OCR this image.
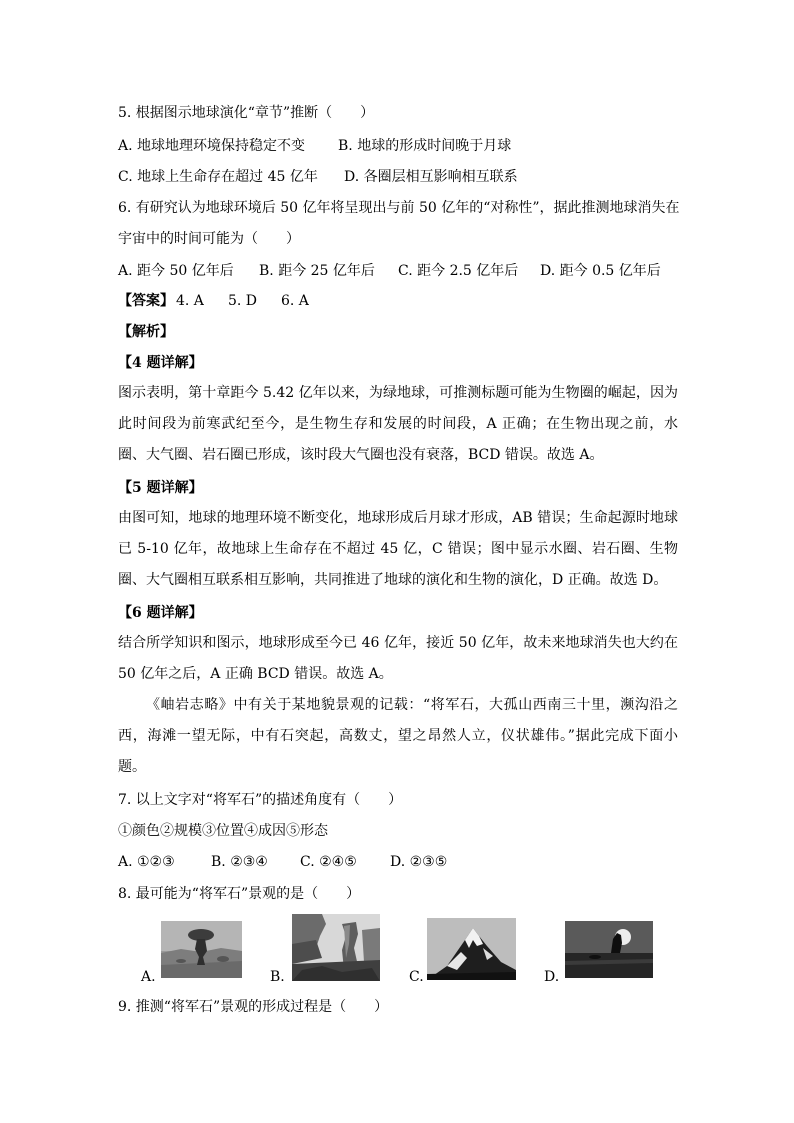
5. 根据图示地球演化“章节”推断（　　）
A. 地球地理环境保持稳定不变 B. 地球的形成时间晚于月球
C. 地球上生命存在超过 45 亿年 D. 各圈层相互影响相互联系
6. 有研究认为地球环境后 50 亿年将呈现出与前 50 亿年的“对称性”，据此推测地球消失在
宇宙中的时间可能为（　　）
A. 距今 50 亿年后 B. 距今 25 亿年后 C. 距今 2.5 亿年后 D. 距今 0.5 亿年后
【答案】 4. A 5. D 6. A
【解析】
【4 题详解】
图示表明，第十章距今 5.42 亿年以来，为绿地球，可推测标题可能为生物圈的崛起，因为此时间段为前寒武纪至今，是生物生存和发展的时间段，A 正确；在生物出现之前，水圈、大气圈、岩石圈已形成，该时段大气圈也没有衰落，BCD 错误。故选 A。
【5 题详解】
由图可知，地球的地理环境不断变化，地球形成后月球才形成，AB 错误；生命起源时地球已 5-10 亿年，故地球上生命存在不超过 45 亿，C 错误；图中显示水圈、岩石圈、生物圈、大气圈相互联系相互影响，共同推进了地球的演化和生物的演化，D 正确。故选 D。
【6 题详解】
结合所学知识和图示，地球形成至今已 46 亿年，接近 50 亿年，故未来地球消失也大约在 50 亿年之后，A 正确 BCD 错误。故选 A。
《岫岩志略》中有关于某地貌景观的记载：“将军石，大孤山西南三十里，濒沟沿之西，海滩一望无际，中有石突起，高数丈，望之昂然人立，仪状雄伟。”据此完成下面小题。
7. 以上文字对“将军石”的描述角度有（　　）
①颜色②规模③位置④成因⑤形态
A. ①②③	B. ②③④ C. ②④⑤ D. ②③⑤
8. 最可能为“将军石”景观的是（　　）
A.	B.	C.	D.
9. 推测“将军石”景观的形成过程是（　　）
